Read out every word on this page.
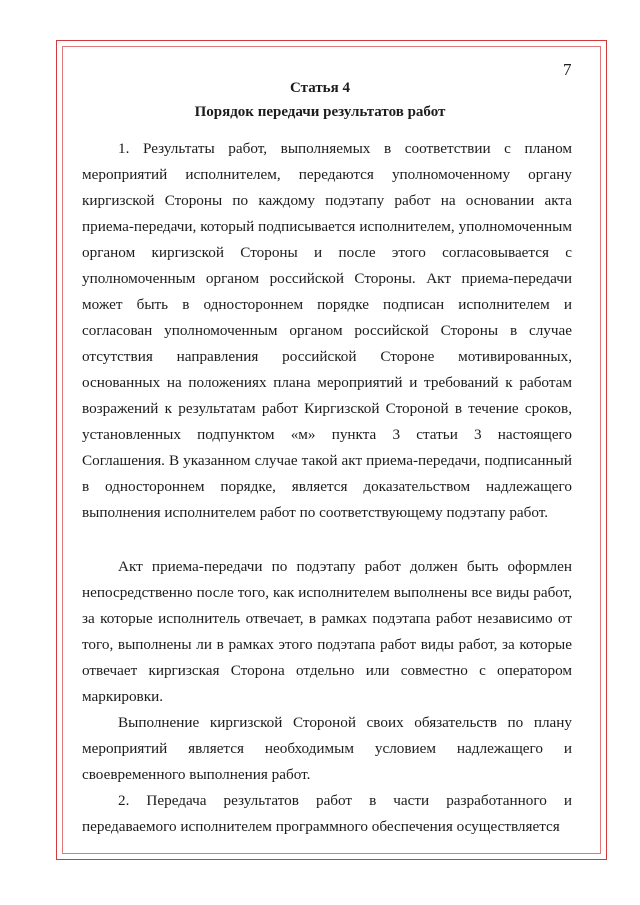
7
Статья 4
Порядок передачи результатов работ

1. Результаты работ, выполняемых в соответствии с планом мероприятий исполнителем, передаются уполномоченному органу киргизской Стороны по каждому подэтапу работ на основании акта приема-передачи, который подписывается исполнителем, уполномоченным органом киргизской Стороны и после этого согласовывается с уполномоченным органом российской Стороны. Акт приема-передачи может быть в одностороннем порядке подписан исполнителем и согласован уполномоченным органом российской Стороны в случае отсутствия направления российской Стороне мотивированных, основанных на положениях плана мероприятий и требований к работам возражений к результатам работ Киргизской Стороной в течение сроков, установленных подпунктом «м» пункта 3 статьи 3 настоящего Соглашения. В указанном случае такой акт приема-передачи, подписанный в одностороннем порядке, является доказательством надлежащего выполнения исполнителем работ по соответствующему подэтапу работ.

Акт приема-передачи по подэтапу работ должен быть оформлен непосредственно после того, как исполнителем выполнены все виды работ, за которые исполнитель отвечает, в рамках подэтапа работ независимо от того, выполнены ли в рамках этого подэтапа работ виды работ, за которые отвечает киргизская Сторона отдельно или совместно с оператором маркировки.

Выполнение киргизской Стороной своих обязательств по плану мероприятий является необходимым условием надлежащего и своевременного выполнения работ.

2. Передача результатов работ в части разработанного и передаваемого исполнителем программного обеспечения осуществляется
